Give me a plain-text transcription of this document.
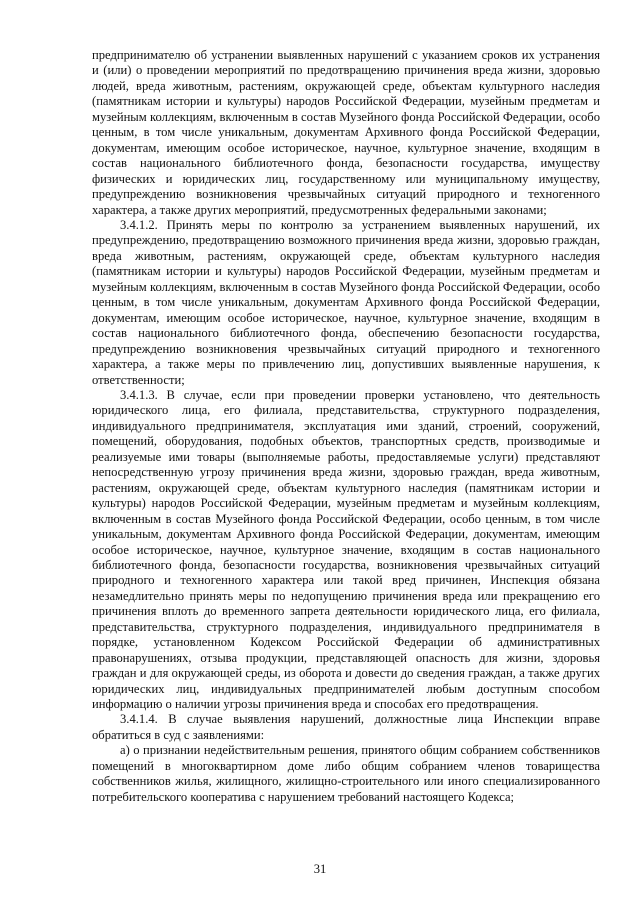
предпринимателю об устранении выявленных нарушений с указанием сроков их устранения и (или) о проведении мероприятий по предотвращению причинения вреда жизни, здоровью людей, вреда животным, растениям, окружающей среде, объектам культурного наследия (памятникам истории и культуры) народов Российской Федерации, музейным предметам и музейным коллекциям, включенным в состав Музейного фонда Российской Федерации, особо ценным, в том числе уникальным, документам Архивного фонда Российской Федерации, документам, имеющим особое историческое, научное, культурное значение, входящим в состав национального библиотечного фонда, безопасности государства, имуществу физических и юридических лиц, государственному или муниципальному имуществу, предупреждению возникновения чрезвычайных ситуаций природного и техногенного характера, а также других мероприятий, предусмотренных федеральными законами;

3.4.1.2. Принять меры по контролю за устранением выявленных нарушений, их предупреждению, предотвращению возможного причинения вреда жизни, здоровью граждан, вреда животным, растениям, окружающей среде, объектам культурного наследия (памятникам истории и культуры) народов Российской Федерации, музейным предметам и музейным коллекциям, включенным в состав Музейного фонда Российской Федерации, особо ценным, в том числе уникальным, документам Архивного фонда Российской Федерации, документам, имеющим особое историческое, научное, культурное значение, входящим в состав национального библиотечного фонда, обеспечению безопасности государства, предупреждению возникновения чрезвычайных ситуаций природного и техногенного характера, а также меры по привлечению лиц, допустивших выявленные нарушения, к ответственности;

3.4.1.3. В случае, если при проведении проверки установлено, что деятельность юридического лица, его филиала, представительства, структурного подразделения, индивидуального предпринимателя, эксплуатация ими зданий, строений, сооружений, помещений, оборудования, подобных объектов, транспортных средств, производимые и реализуемые ими товары (выполняемые работы, предоставляемые услуги) представляют непосредственную угрозу причинения вреда жизни, здоровью граждан, вреда животным, растениям, окружающей среде, объектам культурного наследия (памятникам истории и культуры) народов Российской Федерации, музейным предметам и музейным коллекциям, включенным в состав Музейного фонда Российской Федерации, особо ценным, в том числе уникальным, документам Архивного фонда Российской Федерации, документам, имеющим особое историческое, научное, культурное значение, входящим в состав национального библиотечного фонда, безопасности государства, возникновения чрезвычайных ситуаций природного и техногенного характера или такой вред причинен, Инспекция обязана незамедлительно принять меры по недопущению причинения вреда или прекращению его причинения вплоть до временного запрета деятельности юридического лица, его филиала, представительства, структурного подразделения, индивидуального предпринимателя в порядке, установленном Кодексом Российской Федерации об административных правонарушениях, отзыва продукции, представляющей опасность для жизни, здоровья граждан и для окружающей среды, из оборота и довести до сведения граждан, а также других юридических лиц, индивидуальных предпринимателей любым доступным способом информацию о наличии угрозы причинения вреда и способах его предотвращения.

3.4.1.4. В случае выявления нарушений, должностные лица Инспекции вправе обратиться в суд с заявлениями:

а) о признании недействительным решения, принятого общим собранием собственников помещений в многоквартирном доме либо общим собранием членов товарищества собственников жилья, жилищного, жилищно-строительного или иного специализированного потребительского кооператива с нарушением требований настоящего Кодекса;

31
